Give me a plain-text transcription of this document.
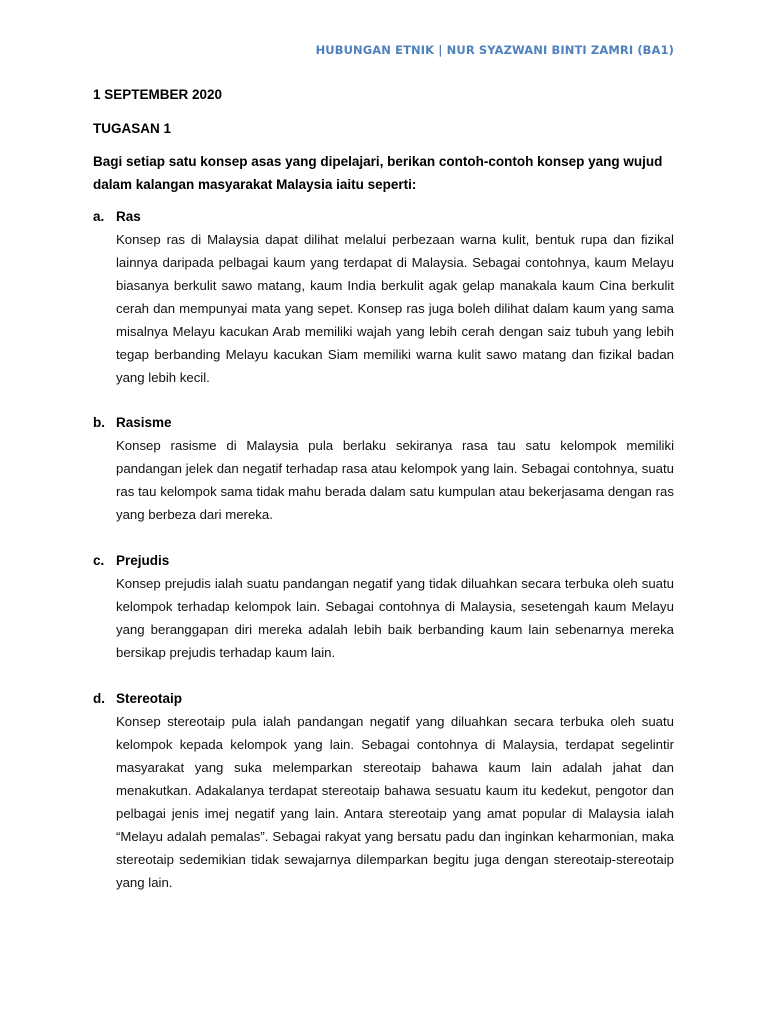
HUBUNGAN ETNIK | NUR SYAZWANI BINTI ZAMRI (BA1)
1 SEPTEMBER 2020
TUGASAN 1
Bagi setiap satu konsep asas yang dipelajari, berikan contoh-contoh konsep yang wujud dalam kalangan masyarakat Malaysia iaitu seperti:
a. Ras
Konsep ras di Malaysia dapat dilihat melalui perbezaan warna kulit, bentuk rupa dan fizikal lainnya daripada pelbagai kaum yang terdapat di Malaysia. Sebagai contohnya, kaum Melayu biasanya berkulit sawo matang, kaum India berkulit agak gelap manakala kaum Cina berkulit cerah dan mempunyai mata yang sepet. Konsep ras juga boleh dilihat dalam kaum yang sama misalnya Melayu kacukan Arab memiliki wajah yang lebih cerah dengan saiz tubuh yang lebih tegap berbanding Melayu kacukan Siam memiliki warna kulit sawo matang dan fizikal badan yang lebih kecil.
b. Rasisme
Konsep rasisme di Malaysia pula berlaku sekiranya rasa tau satu kelompok memiliki pandangan jelek dan negatif terhadap rasa atau kelompok yang lain. Sebagai contohnya, suatu ras tau kelompok sama tidak mahu berada dalam satu kumpulan atau bekerjasama dengan ras yang berbeza dari mereka.
c. Prejudis
Konsep prejudis ialah suatu pandangan negatif yang tidak diluahkan secara terbuka oleh suatu kelompok terhadap kelompok lain. Sebagai contohnya di Malaysia, sesetengah kaum Melayu yang beranggapan diri mereka adalah lebih baik berbanding kaum lain sebenarnya mereka bersikap prejudis terhadap kaum lain.
d. Stereotaip
Konsep stereotaip pula ialah pandangan negatif yang diluahkan secara terbuka oleh suatu kelompok kepada kelompok yang lain. Sebagai contohnya di Malaysia, terdapat segelintir masyarakat yang suka melemparkan stereotaip bahawa kaum lain adalah jahat dan menakutkan. Adakalanya terdapat stereotaip bahawa sesuatu kaum itu kedekut, pengotor dan pelbagai jenis imej negatif yang lain. Antara stereotaip yang amat popular di Malaysia ialah “Melayu adalah pemalas”. Sebagai rakyat yang bersatu padu dan inginkan keharmonian, maka stereotaip sedemikian tidak sewajarnya dilemparkan begitu juga dengan stereotaip-stereotaip yang lain.
